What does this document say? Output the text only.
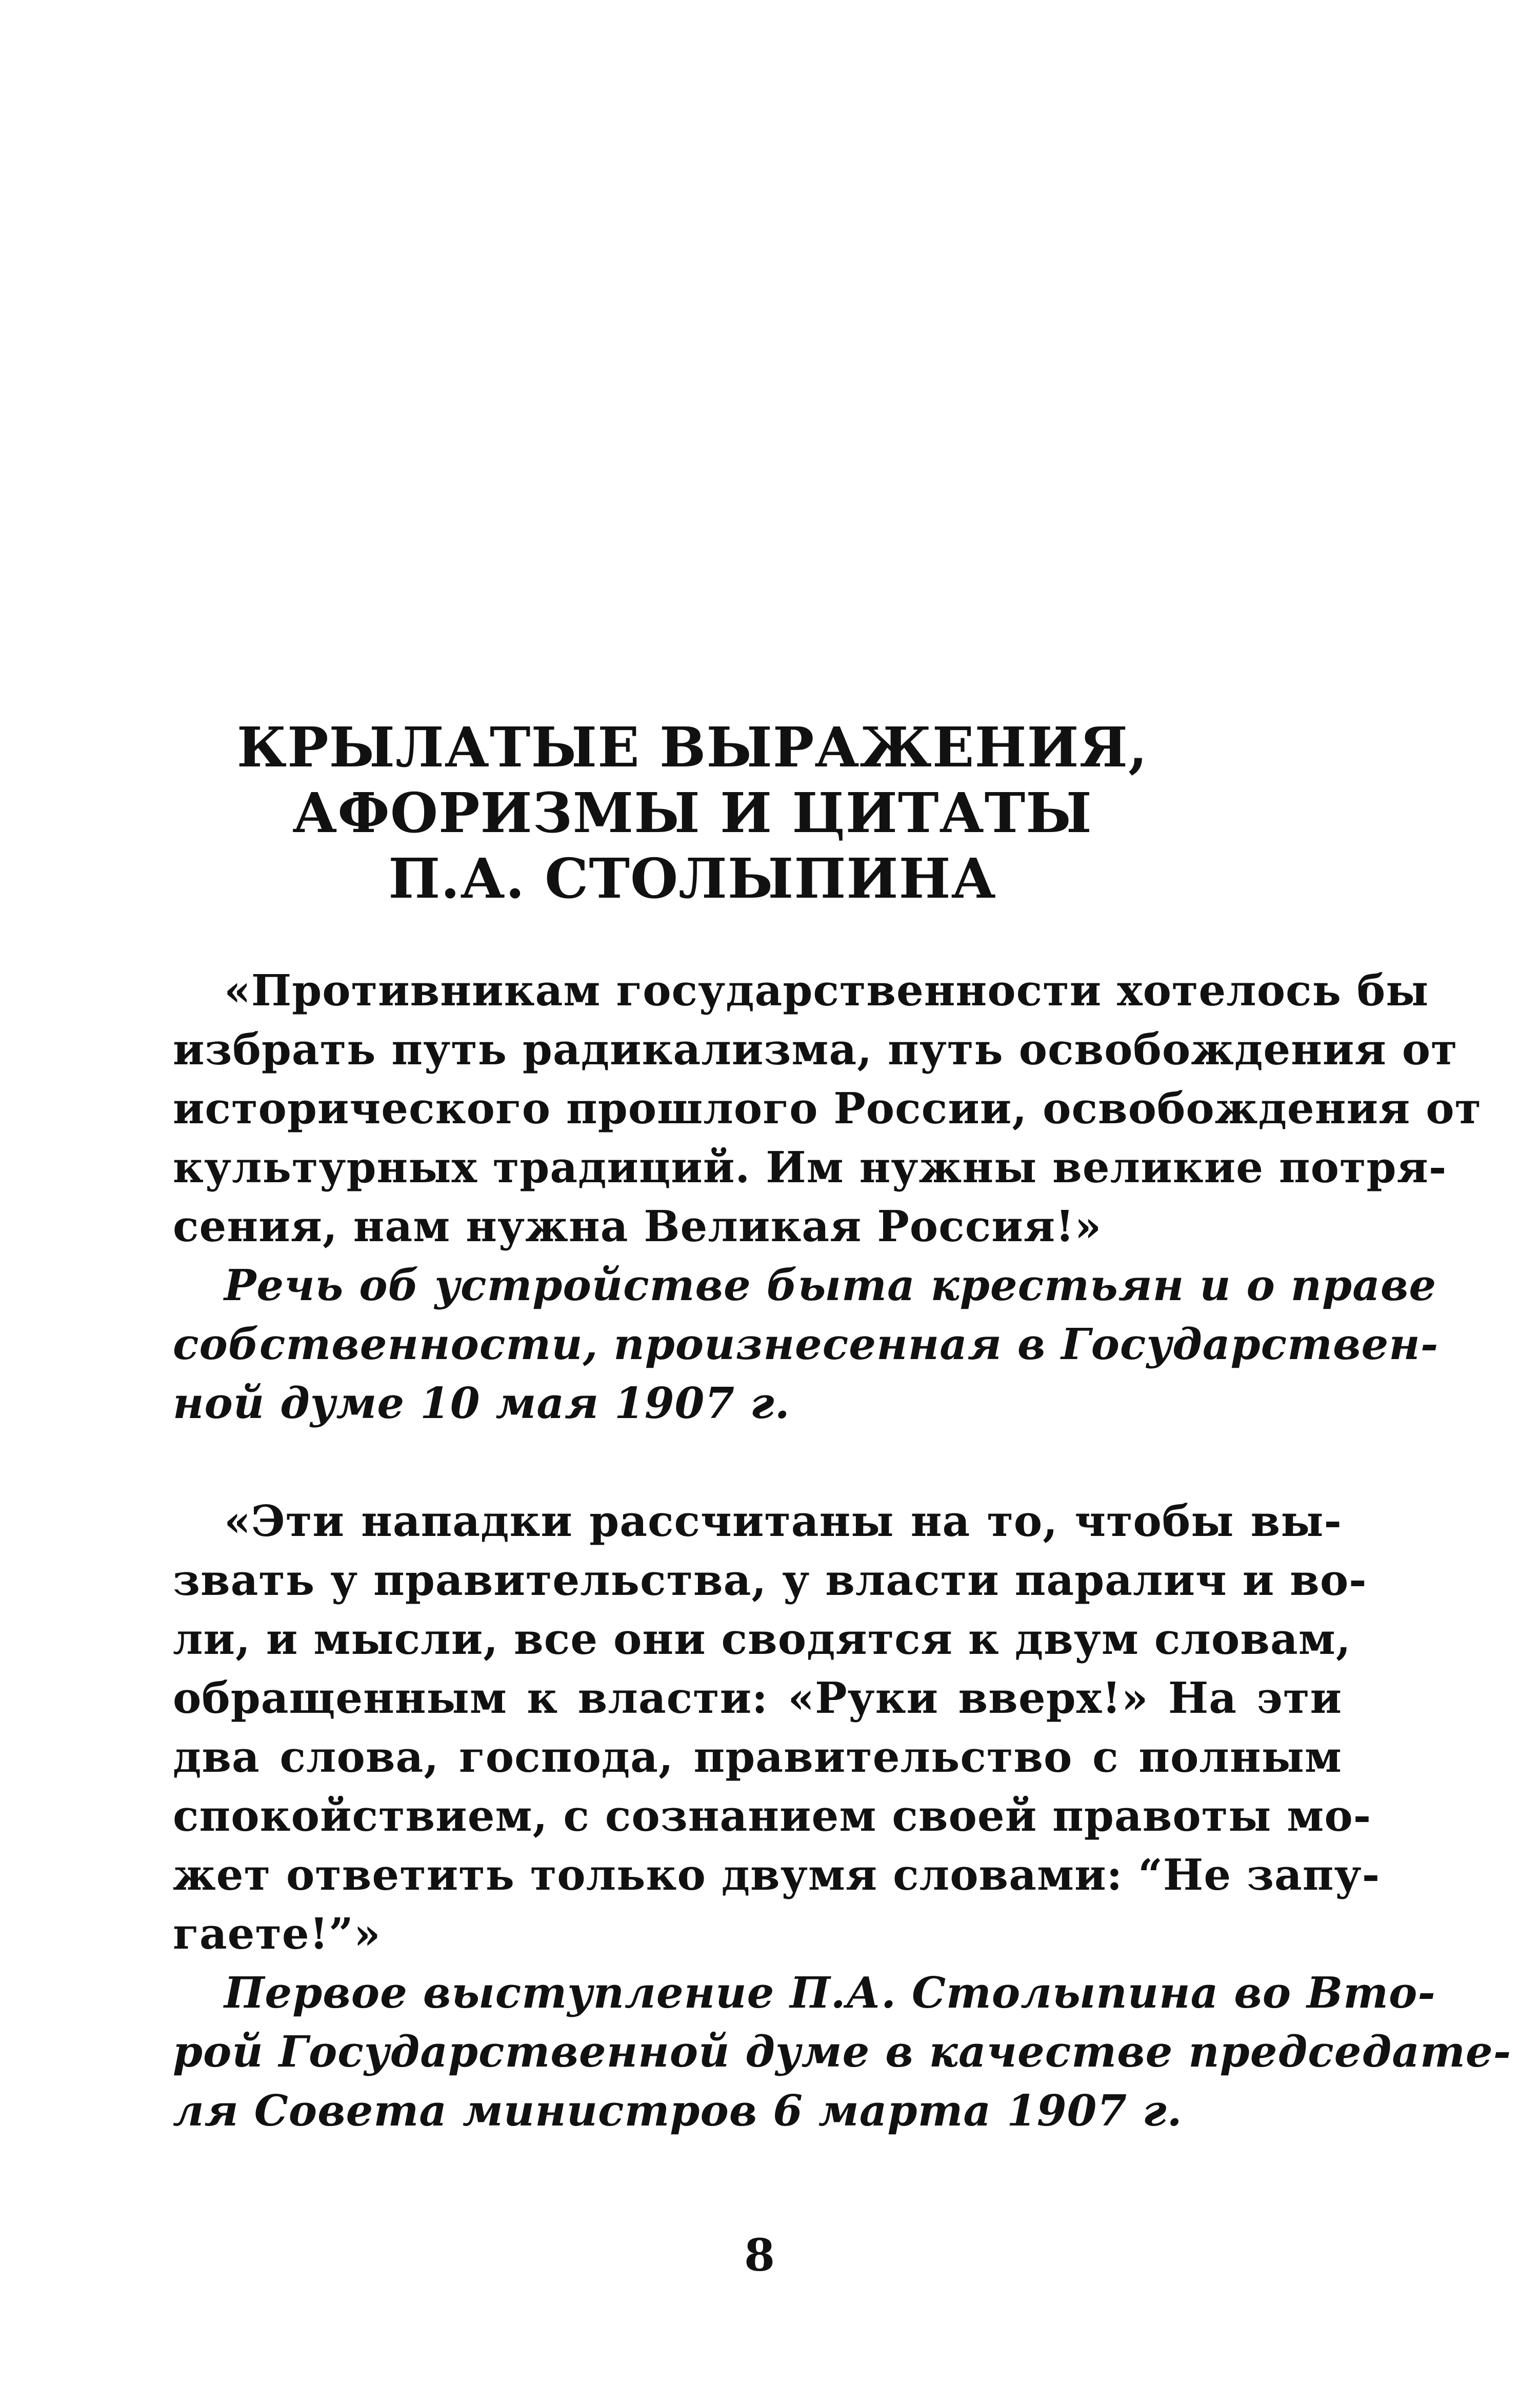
КРЫЛАТЫЕ ВЫРАЖЕНИЯ,
АФОРИЗМЫ И ЦИТАТЫ
П.А. СТОЛЫПИНА
«Противникам государственности хотелось бы
избрать путь радикализма, путь освобождения от
исторического прошлого России, освобождения от
культурных традиций. Им нужны великие потря-
сения, нам нужна Великая Россия!»
Речь об устройстве быта крестьян и о праве
собственности, произнесенная в Государствен-
ной думе 10 мая 1907 г.
«Эти нападки рассчитаны на то, чтобы вы-
звать у правительства, у власти паралич и во-
ли, и мысли, все они сводятся к двум словам,
обращенным к власти: «Руки вверх!» На эти
два слова, господа, правительство с полным
спокойствием, с сознанием своей правоты мо-
жет ответить только двумя словами: “Не запу-
гаете!”»
Первое выступление П.А. Столыпина во Вто-
рой Государственной думе в качестве председате-
ля Совета министров 6 марта 1907 г.
8
